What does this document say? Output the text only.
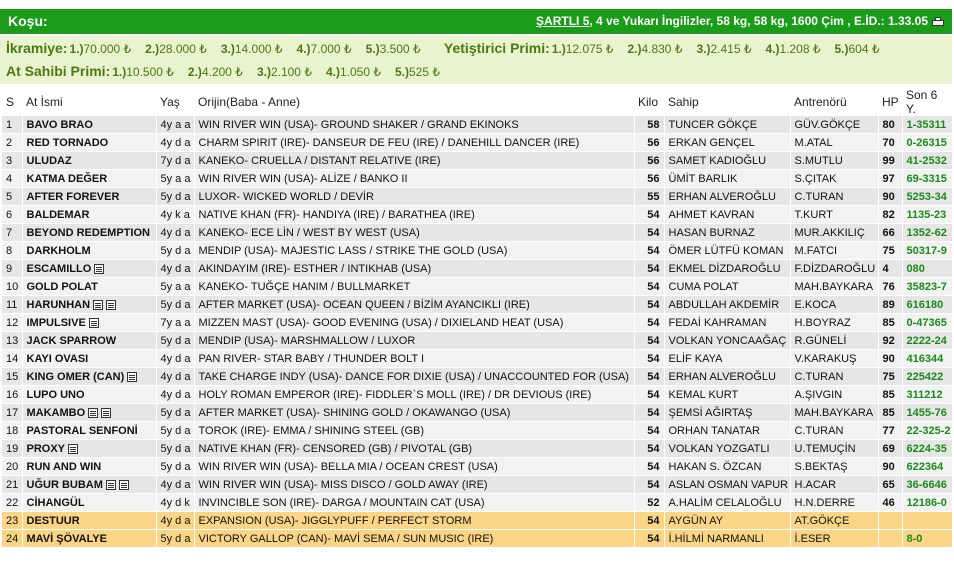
Koşu:	ŞARTLI 5, 4 ve Yukarı İngilizler, 58 kg, 58 kg, 1600 Çim , E.İD.: 1.33.05
İkramiye: 1.)70.000 ₺ 2.)28.000 ₺ 3.)14.000 ₺ 4.)7.000 ₺ 5.)3.500 ₺ Yetiştirici Primi: 1.)12.075 ₺ 2.)4.830 ₺ 3.)2.415 ₺ 4.)1.208 ₺ 5.)604 ₺
At Sahibi Primi: 1.)10.500 ₺ 2.)4.200 ₺ 3.)2.100 ₺ 4.)1.050 ₺ 5.)525 ₺
S	At İsmi	Yaş	Orijin(Baba - Anne)	Kilo	Sahip	Antrenörü	HP	Son 6 Y.
1	BAVO BRAO	4y a a	WIN RIVER WIN (USA)- GROUND SHAKER / GRAND EKINOKS	58	TUNCER GÖKÇE	GÜV.GÖKÇE	80	1-35311
2	RED TORNADO	4y d a	CHARM SPIRIT (IRE)- DANSEUR DE FEU (IRE) / DANEHILL DANCER (IRE)	56	ERKAN GENÇEL	M.ATAL	70	0-26315
3	ULUDAZ	7y d a	KANEKO- CRUELLA / DISTANT RELATIVE (IRE)	56	SAMET KADIOĞLU	S.MUTLU	99	41-2532
4	KATMA DEĞER	5y a a	WIN RIVER WIN (USA)- ALİZE / BANKO II	56	ÜMİT BARLIK	S.ÇITAK	97	69-3315
5	AFTER FOREVER	5y d a	LUXOR- WICKED WORLD / DEVİR	55	ERHAN ALVEROĞLU	C.TURAN	90	5253-34
6	BALDEMAR	4y k a	NATIVE KHAN (FR)- HANDIYA (IRE) / BARATHEA (IRE)	54	AHMET KAVRAN	T.KURT	82	1135-23
7	BEYOND REDEMPTION	4y d a	KANEKO- ECE LİN / WEST BY WEST (USA)	54	HASAN BURNAZ	MUR.AKKILIÇ	66	1352-62
8	DARKHOLM	5y d a	MENDIP (USA)- MAJESTIC LASS / STRIKE THE GOLD (USA)	54	ÖMER LÜTFÜ KOMAN	M.FATCI	75	50317-9
9	ESCAMILLO	4y d a	AKINDAYIM (IRE)- ESTHER / INTIKHAB (USA)	54	EKMEL DİZDAROĞLU	F.DİZDAROĞLU	4	080
10	GOLD POLAT	5y a a	KANEKO- TUĞÇE HANIM / BULLMARKET	54	CUMA POLAT	MAH.BAYKARA	76	35823-7
11	HARUNHAN	5y d a	AFTER MARKET (USA)- OCEAN QUEEN / BİZİM AYANCIKLI (IRE)	54	ABDULLAH AKDEMİR	E.KOCA	89	616180
12	IMPULSIVE	7y a a	MIZZEN MAST (USA)- GOOD EVENING (USA) / DIXIELAND HEAT (USA)	54	FEDAİ KAHRAMAN	H.BOYRAZ	85	0-47365
13	JACK SPARROW	5y d a	MENDIP (USA)- MARSHMALLOW / LUXOR	54	VOLKAN YONCAAĞAÇ	R.GÜNELİ	92	2222-24
14	KAYI OVASI	4y d a	PAN RIVER- STAR BABY / THUNDER BOLT I	54	ELİF KAYA	V.KARAKUŞ	90	416344
15	KING OMER (CAN)	4y d a	TAKE CHARGE INDY (USA)- DANCE FOR DIXIE (USA) / UNACCOUNTED FOR (USA)	54	ERHAN ALVEROĞLU	C.TURAN	75	225422
16	LUPO UNO	4y d a	HOLY ROMAN EMPEROR (IRE)- FIDDLER`S MOLL (IRE) / DR DEVIOUS (IRE)	54	KEMAL KURT	A.ŞIVGIN	85	311212
17	MAKAMBO	5y d a	AFTER MARKET (USA)- SHINING GOLD / OKAWANGO (USA)	54	ŞEMSİ AĞIRTAŞ	MAH.BAYKARA	85	1455-76
18	PASTORAL SENFONİ	5y d a	TOROK (IRE)- EMMA / SHINING STEEL (GB)	54	ORHAN TANATAR	C.TURAN	77	22-325-2
19	PROXY	5y d a	NATIVE KHAN (FR)- CENSORED (GB) / PIVOTAL (GB)	54	VOLKAN YOZGATLI	U.TEMUÇİN	69	6224-35
20	RUN AND WIN	5y d a	WIN RIVER WIN (USA)- BELLA MIA / OCEAN CREST (USA)	54	HAKAN S. ÖZCAN	S.BEKTAŞ	90	622364
21	UĞUR BUBAM	4y d a	WIN RIVER WIN (USA)- MISS DISCO / GOLD AWAY (IRE)	54	ASLAN OSMAN VAPUR	H.ACAR	65	36-6646
22	CİHANGÜL	4y d k	INVINCIBLE SON (IRE)- DARGA / MOUNTAIN CAT (USA)	52	A.HALİM CELALOĞLU	H.N.DERRE	46	12186-0
23	DESTUUR	4y d a	EXPANSION (USA)- JIGGLYPUFF / PERFECT STORM	54	AYGÜN AY	AT.GÖKÇE		
24	MAVİ ŞÖVALYE	5y d a	VICTORY GALLOP (CAN)- MAVİ SEMA / SUN MUSIC (IRE)	54	İ.HİLMİ NARMANLI	İ.ESER		8-0
